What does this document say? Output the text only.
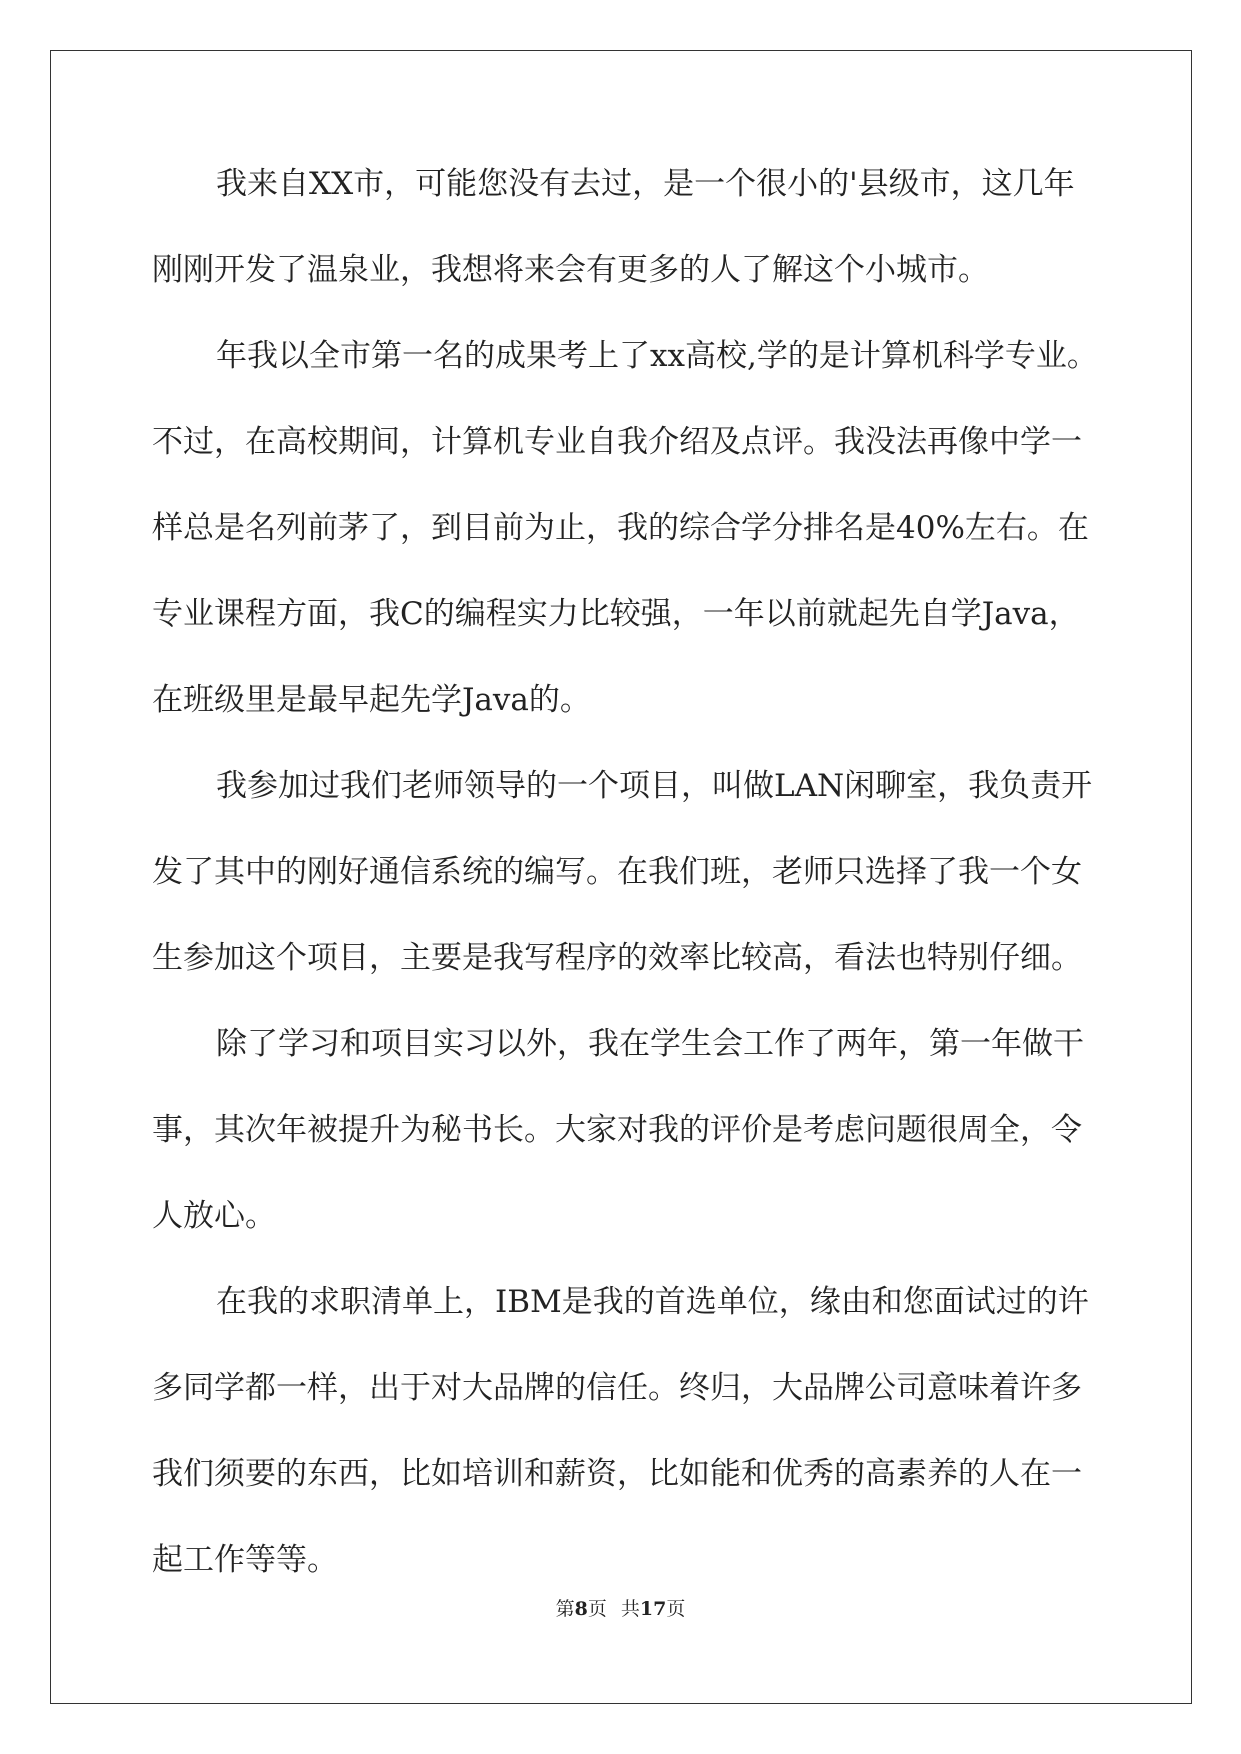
我来自XX市，可能您没有去过，是一个很小的'县级市，这几年
刚刚开发了温泉业，我想将来会有更多的人了解这个小城市。
年我以全市第一名的成果考上了xx高校,学的是计算机科学专业。
不过，在高校期间，计算机专业自我介绍及点评。我没法再像中学一
样总是名列前茅了，到目前为止，我的综合学分排名是40%左右。在
专业课程方面，我C的编程实力比较强，一年以前就起先自学Java，
在班级里是最早起先学Java的。
我参加过我们老师领导的一个项目，叫做LAN闲聊室，我负责开
发了其中的刚好通信系统的编写。在我们班，老师只选择了我一个女
生参加这个项目，主要是我写程序的效率比较高，看法也特别仔细。
除了学习和项目实习以外，我在学生会工作了两年，第一年做干
事，其次年被提升为秘书长。大家对我的评价是考虑问题很周全，令
人放心。
在我的求职清单上，IBM是我的首选单位，缘由和您面试过的许
多同学都一样，出于对大品牌的信任。终归，大品牌公司意味着许多
我们须要的东西，比如培训和薪资，比如能和优秀的高素养的人在一
起工作等等。
第8页 共17页
